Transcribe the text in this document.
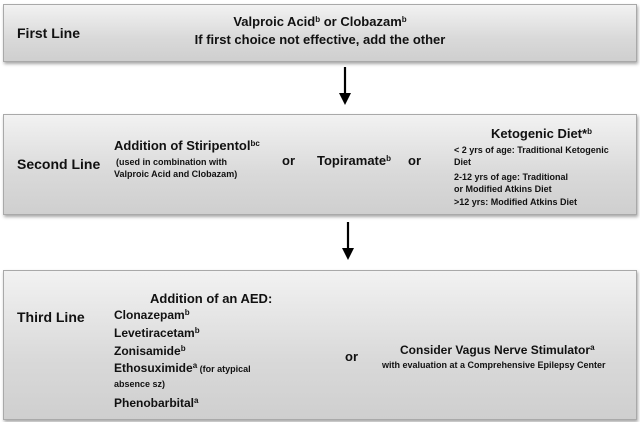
First Line
Valproic Acid$^b$ or Clobazam$^b$
If first choice not effective, add the other
Second Line
Addition of Stiripentol$^{bc}$
(used in combination with
Valproic Acid and Clobazam)
or Topiramate$^b$ or
Ketogenic Diet*$^b$
< 2 yrs of age: Traditional Ketogenic
Diet
2-12 yrs of age: Traditional
or Modified Atkins Diet
>12 yrs: Modified Atkins Diet
Third Line
Addition of an AED:
Clonazepam$^b$
Levetiracetam$^b$
Zonisamide$^b$
Ethosuximide$^a$ (for atypical
absence sz)
Phenobarbital$^a$
or	Consider Vagus Nerve Stimulator$^a$
with evaluation at a Comprehensive Epilepsy Center
